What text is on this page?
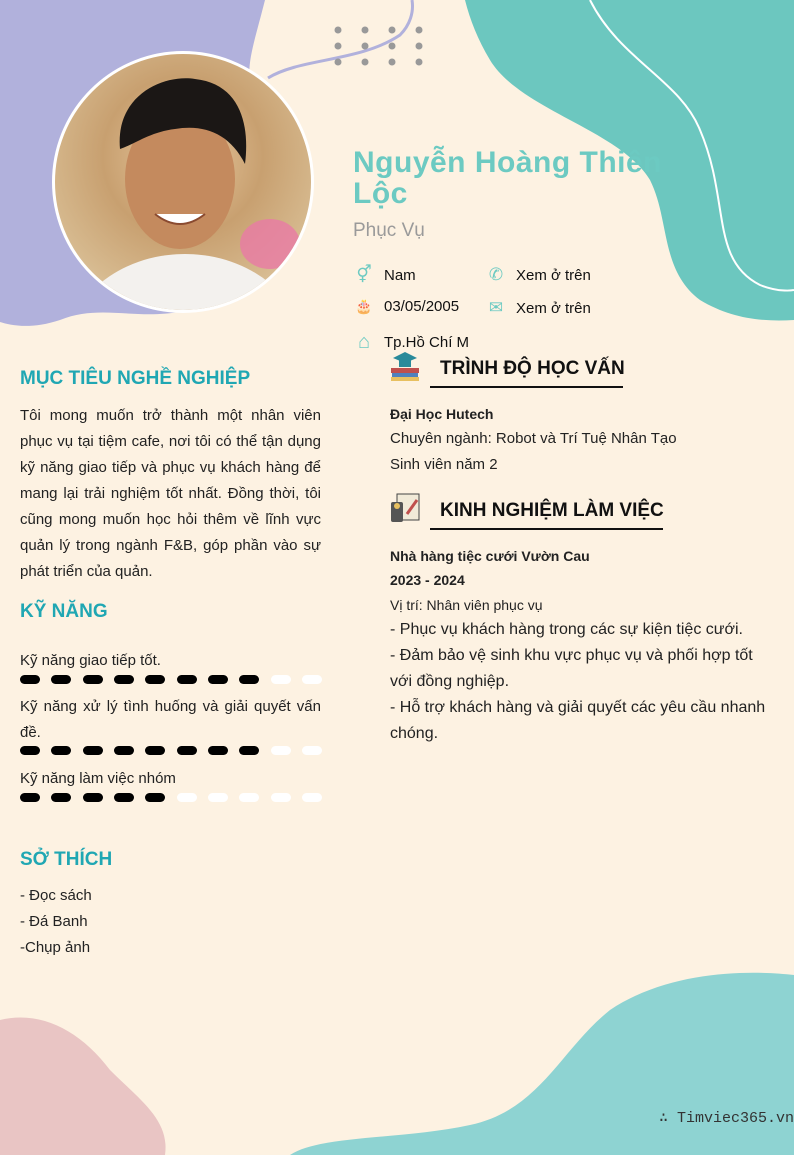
Nguyễn Hoàng Thiên Lộc
Phục Vụ
⚥ Nam	✆ Xem ở trên
🎂 03/05/2005 ✉ Xem ở trên
⌂ Tp.Hồ Chí M
MỤC TIÊU NGHỀ NGHIỆP
Tôi mong muốn trở thành một nhân viên phục vụ tại tiệm cafe, nơi tôi có thể tận dụng kỹ năng giao tiếp và phục vụ khách hàng để mang lại trải nghiệm tốt nhất. Đồng thời, tôi cũng mong muốn học hỏi thêm về lĩnh vực quản lý trong ngành F&B, góp phần vào sự phát triển của quản.
KỸ NĂNG
Kỹ năng giao tiếp tốt.
Kỹ năng xử lý tình huống và giải quyết vấn đề.
Kỹ năng làm việc nhóm
SỞ THÍCH
- Đọc sách
- Đá Banh
-Chụp ảnh
TRÌNH ĐỘ HỌC VẤN
Đại Học Hutech
Chuyên ngành: Robot và Trí Tuệ Nhân Tạo
Sinh viên năm 2
KINH NGHIỆM LÀM VIỆC
Nhà hàng tiệc cưới Vườn Cau
2023 - 2024
Vị trí: Nhân viên phục vụ
- Phục vụ khách hàng trong các sự kiện tiệc cưới.
- Đảm bảo vệ sinh khu vực phục vụ và phối hợp tốt với đồng nghiệp.
- Hỗ trợ khách hàng và giải quyết các yêu cầu nhanh chóng.
∴ Timviec365.vn
